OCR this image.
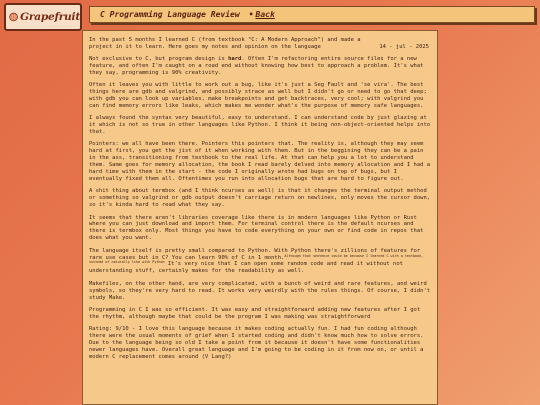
Grapefruit	C Programming Language Review • Back
In the past 5 months I learned C (from textbook "C: A Modern Approach") and made a project in it to learn. Here goes my notes and opinion on the language	14 - jul - 2025

Not exclusive to C, but program design is hard. Often I'm refactoring entire source files for a new feature, and often I'm caught on a road end without knowing how best to approach a problem. It's what they say, programming is 90% creativity.

Often it leaves you with little to work out a bug, like it's just a Seg Fault and 'se vira'. The best things here are gdb and valgrind, and possibly strace as well but I didn't go or need to go that deep; with gdb you can look up variables, make breakpoints and get backtraces, very cool; with valgrind you can find memory errors like leaks, which makes me wonder what's the purpose of memory safe languages.

I always found the syntax very beautiful, easy to understand. I can understand code by just glazing at it which is not so true in other languages like Python. I think it being non-object-oriented helps into that.

Pointers: we all have been there. Pointers this pointers that. The reality is, although they may seem hard at first, you get the jist of it when working with them. But in the beggining they can be a pain in the ass, transitioning from textbook to the real life. At that can help you a lot to understand them. Same goes for memory allocation, the book I read barely delved into memory allocation and I had a hard time with them in the start - the code I originally wrote had bugs on top of bugs, but I eventually fixed them all. Oftentimes you run into allocation bugs that are hard to figure out.

A shit thing about termbox (and I think ncurses as well) is that it changes the terminal output method or something so valgrind or gdb output doesn't carriage return on newlines, only moves the cursor down, so it's kinda hard to read what they say.

It seems that there aren't libraries coverage like there is in modern languages like Python or Rust where you can just download and import them. For terminal control there is the default ncurses and there is termbox only. Most things you have to code everything on your own or find code in repos that does what you want.

The language itself is pretty small compared to Python. With Python there's zillions of features for rare use cases but in C? You can learn 90% of C in 1 month.$^{Although that sentence could be because I learned C with a textbook, instead of naturally like with Python}$ It's very nice that I can open some random code and read it without not understanding stuff, certainly makes for the readability as well.

Makefiles, on the other hand, are very complicated, with a bunch of weird and rare features, and weird symbols, so they're very hard to read. It works very weirdly with the rules things. Of course, I didn't study Make.

Programming in C I was so efficient. It was easy and straightforward adding new features after I got the rhythm, although maybe that could be the program I was making was straightforward

Rating: 9/10 - I love this language because it makes coding actually fun. I had fun coding although there were the usual moments of grief when I started coding and didn't know much how to solve errors. Due to the language being so old I take a point from it because it doesn't have some functionalities newer languages have. Overall great language and I'm going to be coding in it from now on, or until a modern C replacement comes around (V Lang?)
